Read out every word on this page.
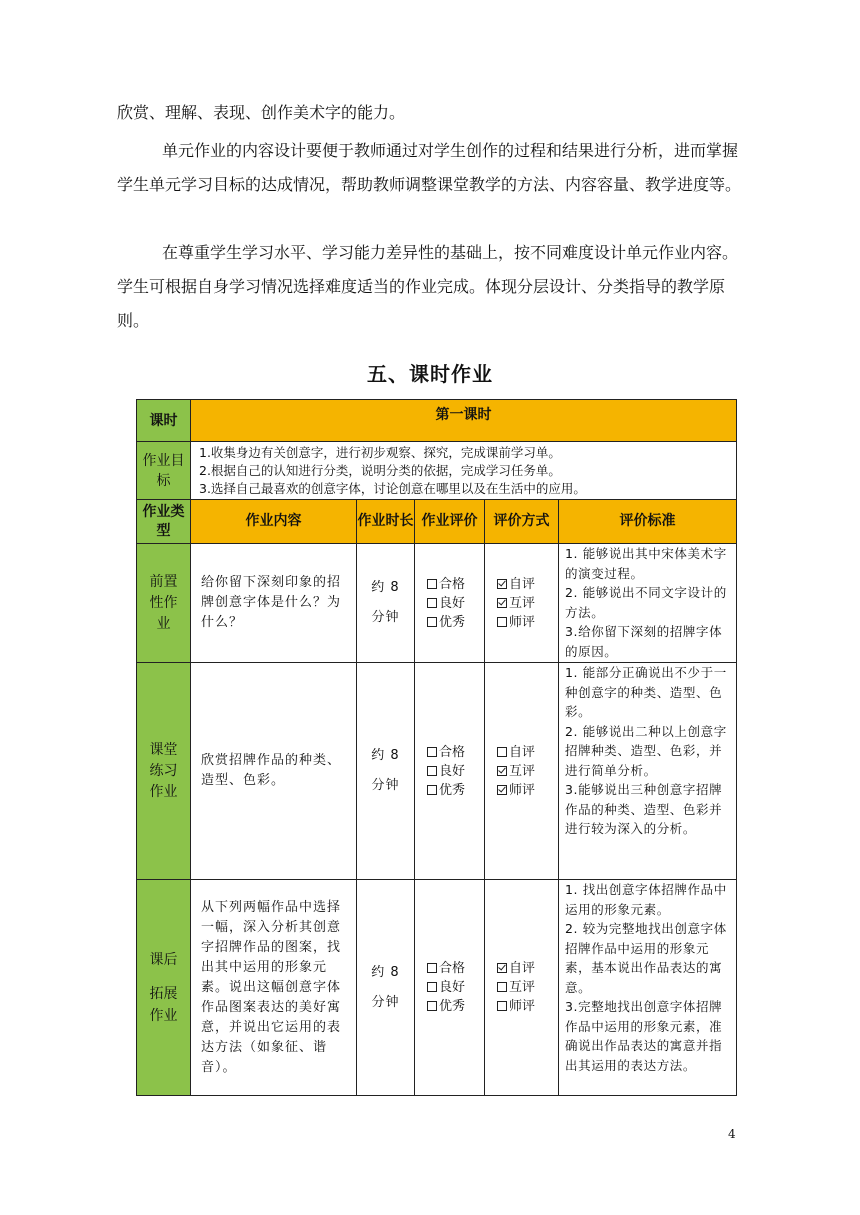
欣赏、理解、表现、创作美术字的能力。
单元作业的内容设计要便于教师通过对学生创作的过程和结果进行分析，进而掌握学生单元学习目标的达成情况，帮助教师调整课堂教学的方法、内容容量、教学进度等。
在尊重学生学习水平、学习能力差异性的基础上，按不同难度设计单元作业内容。学生可根据自身学习情况选择难度适当的作业完成。体现分层设计、分类指导的教学原则。
五、课时作业
课时	第一课时				
作业目标	1.收集身边有关创意字，进行初步观察、探究，完成课前学习单。
2.根据自己的认知进行分类，说明分类的依据，完成学习任务单。
3.选择自己最喜欢的创意字体，讨论创意在哪里以及在生活中的应用。				

作业类型	作业内容	作业时长	作业评价	评价方式	评价标准
前置性作业	给你留下深刻印象的招牌创意字体是什么？为什么？	约 8
分钟	合格
良好
优秀	自评
互评
师评	1. 能够说出其中宋体美术字的演变过程。
2. 能够说出不同文字设计的方法。
3.给你留下深刻的招牌字体的原因。

课堂练习作业	欣赏招牌作品的种类、造型、色彩。	约 8
分钟	合格
良好
优秀	自评
互评
师评	1. 能部分正确说出不少于一种创意字的种类、造型、色彩。
2. 能够说出二种以上创意字招牌种类、造型、色彩，并进行简单分析。
3.能够说出三种创意字招牌作品的种类、造型、色彩并进行较为深入的分析。

课后
拓展作业	从下列两幅作品中选择一幅，深入分析其创意字招牌作品的图案，找出其中运用的形象元素。说出这幅创意字体作品图案表达的美好寓意，并说出它运用的表达方法（如象征、谐音）。	约 8
分钟	合格
良好
优秀	自评
互评
师评	1. 找出创意字体招牌作品中运用的形象元素。
2. 较为完整地找出创意字体招牌作品中运用的形象元素，基本说出作品表达的寓意。
3.完整地找出创意字体招牌作品中运用的形象元素，准确说出作品表达的寓意并指出其运用的表达方法。
4
